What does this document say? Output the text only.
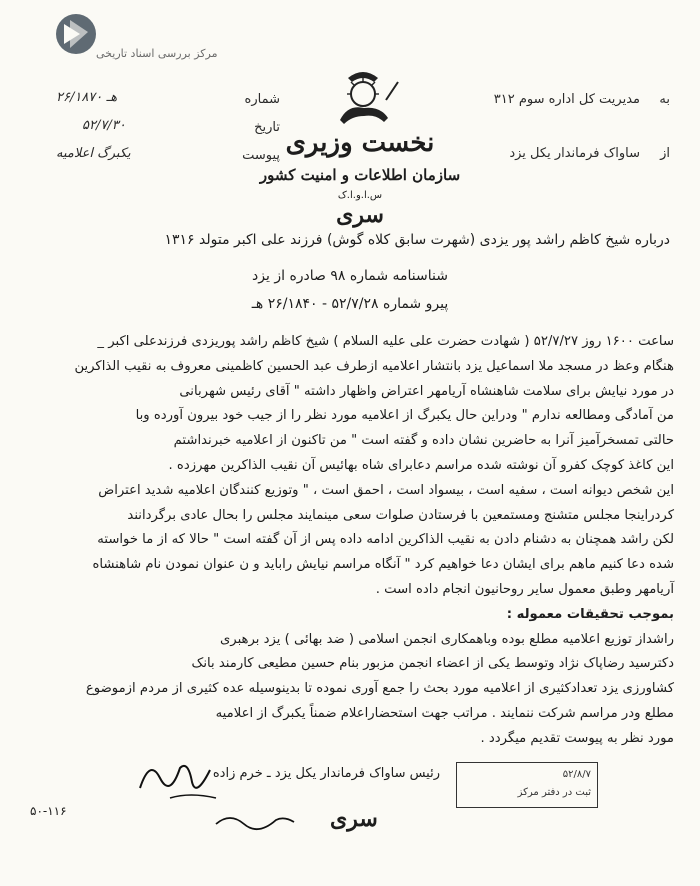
مرکز بررسی اسناد تاریخی
شماره
۲۶/۱۸۷۰ هـ
تاریخ
۵۲/۷/۳۰
پیوست
یکبرگ اعلامیه
به
مدیریت کل اداره سوم ۳۱۲
از
ساواک فرماندار یکل یزد
نخست وزیری
سازمان اطلاعات و امنیت کشور
س.ا.و.ا.ک
سری
درباره شیخ کاظم راشد پور یزدی (شهرت سابق کلاه گوش) فرزند علی اکبر متولد ۱۳۱۶
شناسنامه شماره ۹۸ صادره از یزد
پیرو شماره ۵۲/۷/۲۸ - ۲۶/۱۸۴۰ هـ

ساعت ۱۶۰۰ روز ۵۲/۷/۲۷ ( شهادت حضرت علی علیه السلام ) شیخ کاظم راشد پوریزدی فرزندعلی اکبر _

هنگام وعظ در مسجد ملا اسماعیل یزد بانتشار اعلامیه ازطرف عبد الحسین کاظمینی معروف به نقیب الذاکرین

در مورد نیایش برای سلامت شاهنشاه آریامهر اعتراض واظهار داشته " آقای رئیس شهربانی

من آمادگی ومطالعه ندارم " ودراین حال یکبرگ از اعلامیه مورد نظر را از جیب خود بیرون آورده وبا

حالتی تمسخرآمیز آنرا به حاضرین نشان داده و گفته است " من تاکنون از اعلامیه خبرنداشتم

این کاغذ کوچک کفرو آن نوشته شده مراسم دعابرای شاه بهائیس آن نقیب الذاکرین مهرزده .

این شخص دیوانه است ، سفیه است ، بیسواد است ، احمق است ، " وتوزیع کنندگان اعلامیه شدید اعتراض

کردراینجا مجلس متشنج ومستمعین با فرستادن صلوات سعی مینمایند مجلس را بحال عادی برگردانند

لکن راشد همچنان به دشنام دادن به نقیب الذاکرین ادامه داده پس از آن گفته است " حالا که از ما خواسته

شده دعا کنیم ماهم برای ایشان دعا خواهیم کرد " آنگاه مراسم نیایش راباید و ن عنوان نمودن نام شاهنشاه

آریامهر وطبق معمول سایر روحانیون انجام داده است .

بموجب تحقیقات معموله :

راشداز توزیع اعلامیه مطلع بوده وباهمکاری انجمن اسلامی ( ضد بهائی ) یزد برهبری

دکترسید رضاپاک نژاد وتوسط یکی از اعضاء انجمن مزبور بنام حسین مطیعی کارمند بانک

کشاورزی یزد تعدادکثیری از اعلامیه مورد بحث را جمع آوری نموده تا بدینوسیله عده کثیری از مردم ازموضوع

مطلع ودر مراسم شرکت ننمایند . مراتب جهت استحضاراعلام ضمناً یکبرگ از اعلامیه

مورد نظر به پیوست تقدیم میگردد .

رئیس ساواک فرماندار یکل یزد ـ خرم زاده	۵۲/۸/۷
ثبت در دفتر مرکز
سری
۵۰-۱۱۶
